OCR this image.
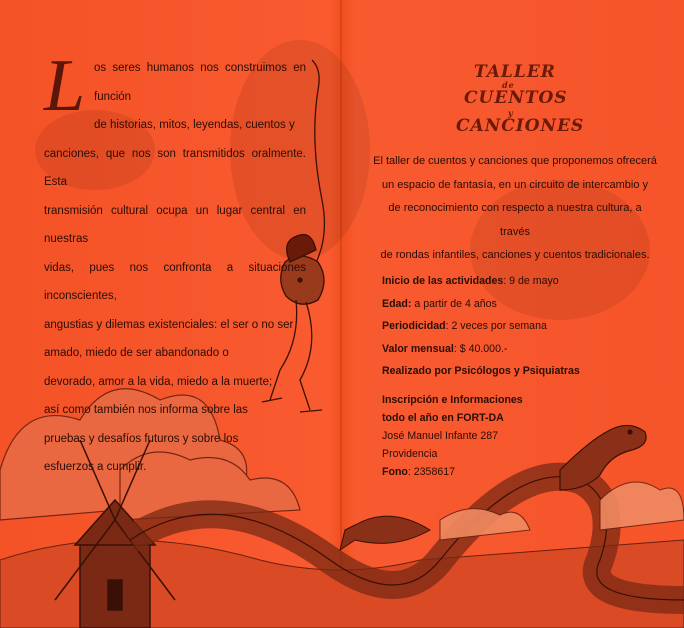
L os seres humanos nos construimos en función
de historias, mitos, leyendas, cuentos y
canciones, que nos son transmitidos oralmente. Esta
transmisión cultural ocupa un lugar central en nuestras
vidas, pues nos confronta a situaciones inconscientes,
angustias y dilemas existenciales: el ser o no ser
amado, miedo de ser abandonado o
devorado, amor a la vida, miedo a la muerte;
así como también nos informa sobre las
pruebas y desafíos futuros y sobre los
esfuerzos a cumplir.
TALLER
de
CUENTOS
y
CANCIONES
El taller de cuentos y canciones que proponemos ofrecerá
un espacio de fantasía, en un circuito de intercambio y
de reconocimiento con respecto a nuestra cultura, a través
de rondas infantiles, canciones y cuentos tradicionales.
Inicio de las actividades: 9 de mayo
Edad: a partir de 4 años
Periodicidad: 2 veces por semana
Valor mensual: $ 40.000.-
Realizado por Psicólogos y Psiquiatras
Inscripción e Informaciones
todo el año en FORT-DA
José Manuel Infante 287
Providencia
Fono: 2358617
